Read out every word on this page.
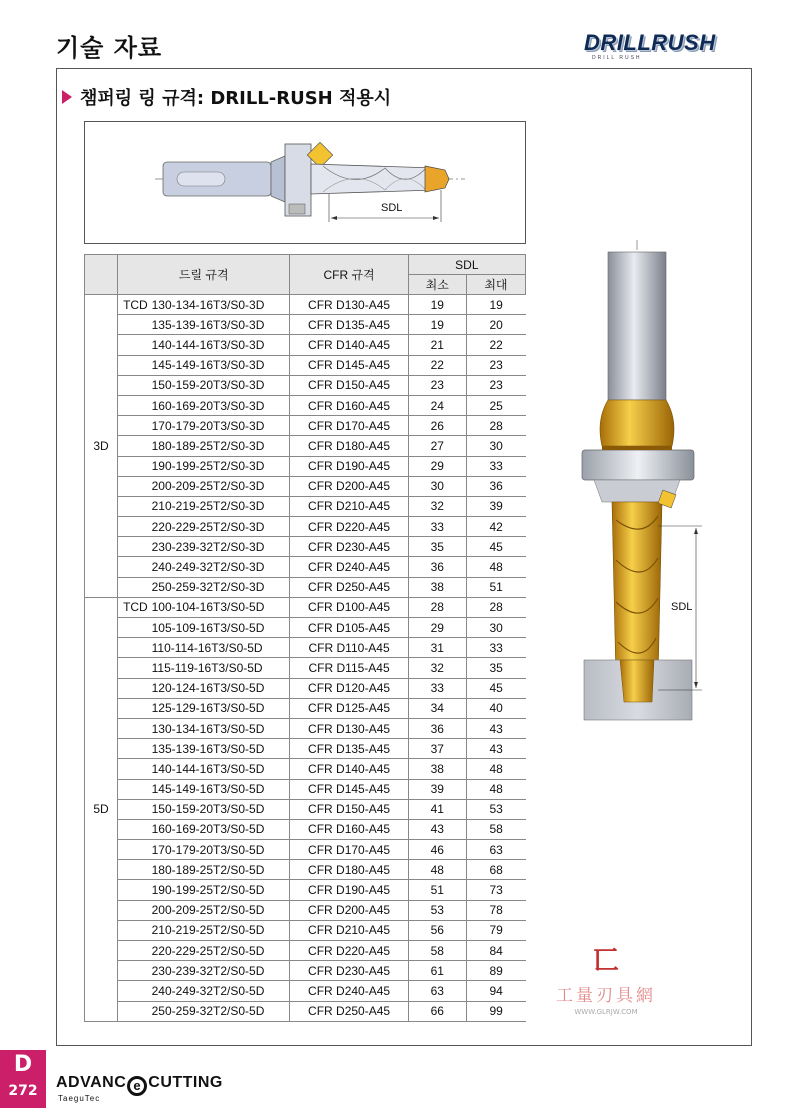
기술 자료	DRILLRUSH
DRILL RUSH
챔퍼링 링 규격: DRILL-RUSH 적용시
SDL
	드릴 규격		CFR 규격	SDL	
				최소	최대
3D	TCD	130-134-16T3/S0-3D	CFR D130-A45	19	19
		135-139-16T3/S0-3D	CFR D135-A45	19	20
		140-144-16T3/S0-3D	CFR D140-A45	21	22
		145-149-16T3/S0-3D	CFR D145-A45	22	23
		150-159-20T3/S0-3D	CFR D150-A45	23	23
		160-169-20T3/S0-3D	CFR D160-A45	24	25
		170-179-20T3/S0-3D	CFR D170-A45	26	28
		180-189-25T2/S0-3D	CFR D180-A45	27	30
		190-199-25T2/S0-3D	CFR D190-A45	29	33
		200-209-25T2/S0-3D	CFR D200-A45	30	36
		210-219-25T2/S0-3D	CFR D210-A45	32	39
		220-229-25T2/S0-3D	CFR D220-A45	33	42
		230-239-32T2/S0-3D	CFR D230-A45	35	45
		240-249-32T2/S0-3D	CFR D240-A45	36	48
		250-259-32T2/S0-3D	CFR D250-A45	38	51
5D	TCD	100-104-16T3/S0-5D	CFR D100-A45	28	28
		105-109-16T3/S0-5D	CFR D105-A45	29	30
		110-114-16T3/S0-5D	CFR D110-A45	31	33
		115-119-16T3/S0-5D	CFR D115-A45	32	35
		120-124-16T3/S0-5D	CFR D120-A45	33	45
		125-129-16T3/S0-5D	CFR D125-A45	34	40
		130-134-16T3/S0-5D	CFR D130-A45	36	43
		135-139-16T3/S0-5D	CFR D135-A45	37	43
		140-144-16T3/S0-5D	CFR D140-A45	38	48
		145-149-16T3/S0-5D	CFR D145-A45	39	48
		150-159-20T3/S0-5D	CFR D150-A45	41	53
		160-169-20T3/S0-5D	CFR D160-A45	43	58
		170-179-20T3/S0-5D	CFR D170-A45	46	63
		180-189-25T2/S0-5D	CFR D180-A45	48	68
		190-199-25T2/S0-5D	CFR D190-A45	51	73
		200-209-25T2/S0-5D	CFR D200-A45	53	78
		210-219-25T2/S0-5D	CFR D210-A45	56	79
		220-229-25T2/S0-5D	CFR D220-A45	58	84
		230-239-32T2/S0-5D	CFR D230-A45	61	89
		240-249-32T2/S0-5D	CFR D240-A45	63	94
		250-259-32T2/S0-5D	CFR D250-A45	66	99
SDL
匸
工量刃具網
WWW.GLRJW.COM
D
272	ADVANC e CUTTING
TaeguTec
